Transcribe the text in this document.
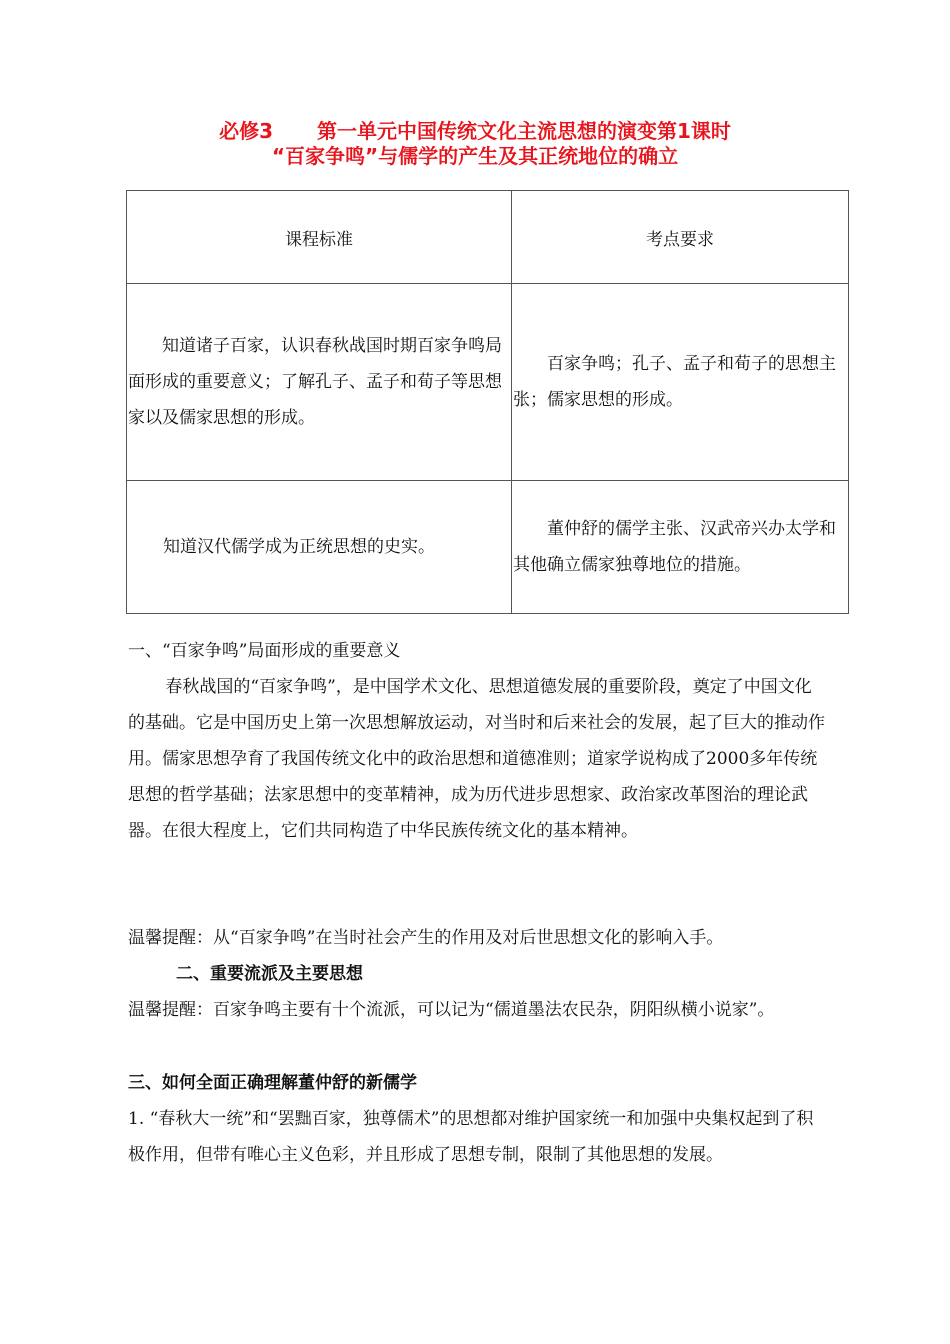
必修3 第一单元中国传统文化主流思想的演变第1课时
“百家争鸣”与儒学的产生及其正统地位的确立
课程标准	考点要求

知道诸子百家，认识春秋战国时期百家争鸣局面形成的重要意义；了解孔子、孟子和荀子等思想家以及儒家思想的形成。	百家争鸣；孔子、孟子和荀子的思想主张；儒家思想的形成。

知道汉代儒学成为正统思想的史实。	董仲舒的儒学主张、汉武帝兴办太学和其他确立儒家独尊地位的措施。

一、“百家争鸣”局面形成的重要意义

春秋战国的“百家争鸣”，是中国学术文化、思想道德发展的重要阶段，奠定了中国文化的基础。它是中国历史上第一次思想解放运动，对当时和后来社会的发展，起了巨大的推动作用。儒家思想孕育了我国传统文化中的政治思想和道德准则；道家学说构成了2000多年传统思想的哲学基础；法家思想中的变革精神，成为历代进步思想家、政治家改革图治的理论武器。在很大程度上，它们共同构造了中华民族传统文化的基本精神。

温馨提醒：从“百家争鸣”在当时社会产生的作用及对后世思想文化的影响入手。

二、重要流派及主要思想

温馨提醒：百家争鸣主要有十个流派，可以记为“儒道墨法农民杂，阴阳纵横小说家”。

三、如何全面正确理解董仲舒的新儒学

1. “春秋大一统”和“罢黜百家，独尊儒术”的思想都对维护国家统一和加强中央集权起到了积极作用，但带有唯心主义色彩，并且形成了思想专制，限制了其他思想的发展。
